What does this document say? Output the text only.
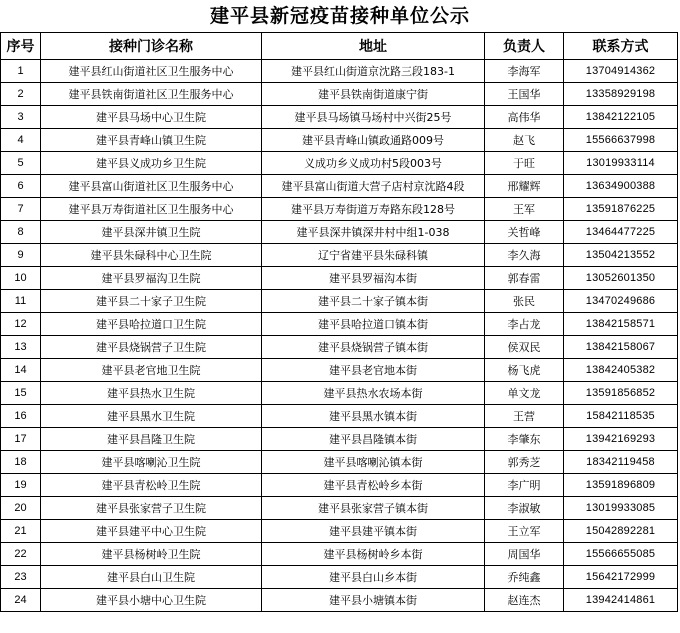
建平县新冠疫苗接种单位公示
序号	接种门诊名称	地址	负责人	联系方式
1	建平县红山街道社区卫生服务中心	建平县红山街道京沈路三段183-1	李海军	13704914362
2	建平县铁南街道社区卫生服务中心	建平县铁南街道康宁街	王国华	13358929198
3	建平县马场中心卫生院	建平县马场镇马场村中兴街25号	高伟华	13842122105
4	建平县青峰山镇卫生院	建平县青峰山镇政通路009号	赵飞	15566637998
5	建平县义成功乡卫生院	义成功乡义成功村5段003号	于旺	13019933114
6	建平县富山街道社区卫生服务中心	建平县富山街道大营子店村京沈路4段	邢耀辉	13634900388
7	建平县万寿街道社区卫生服务中心	建平县万寿街道万寿路东段128号	王军	13591876225
8	建平县深井镇卫生院	建平县深井镇深井村中组1-038	关哲峰	13464477225
9	建平县朱碌科中心卫生院	辽宁省建平县朱碌科镇	李久海	13504213552
10	建平县罗福沟卫生院	建平县罗福沟本街	郭春雷	13052601350
11	建平县二十家子卫生院	建平县二十家子镇本街	张民	13470249686
12	建平县哈拉道口卫生院	建平县哈拉道口镇本街	李占龙	13842158571
13	建平县烧锅营子卫生院	建平县烧锅营子镇本街	侯双民	13842158067
14	建平县老官地卫生院	建平县老官地本街	杨飞虎	13842405382
15	建平县热水卫生院	建平县热水农场本街	单文龙	13591856852
16	建平县黑水卫生院	建平县黑水镇本街	王营	15842118535
17	建平县昌隆卫生院	建平县昌隆镇本街	李肇东	13942169293
18	建平县喀喇沁卫生院	建平县喀喇沁镇本街	郭秀芝	18342119458
19	建平县青松岭卫生院	建平县青松岭乡本街	李广明	13591896809
20	建平县张家营子卫生院	建平县张家营子镇本街	李淑敏	13019933085
21	建平县建平中心卫生院	建平县建平镇本街	王立军	15042892281
22	建平县杨树岭卫生院	建平县杨树岭乡本街	周国华	15566655085
23	建平县白山卫生院	建平县白山乡本街	乔纯鑫	15642172999
24	建平县小塘中心卫生院	建平县小塘镇本街	赵连杰	13942414861
